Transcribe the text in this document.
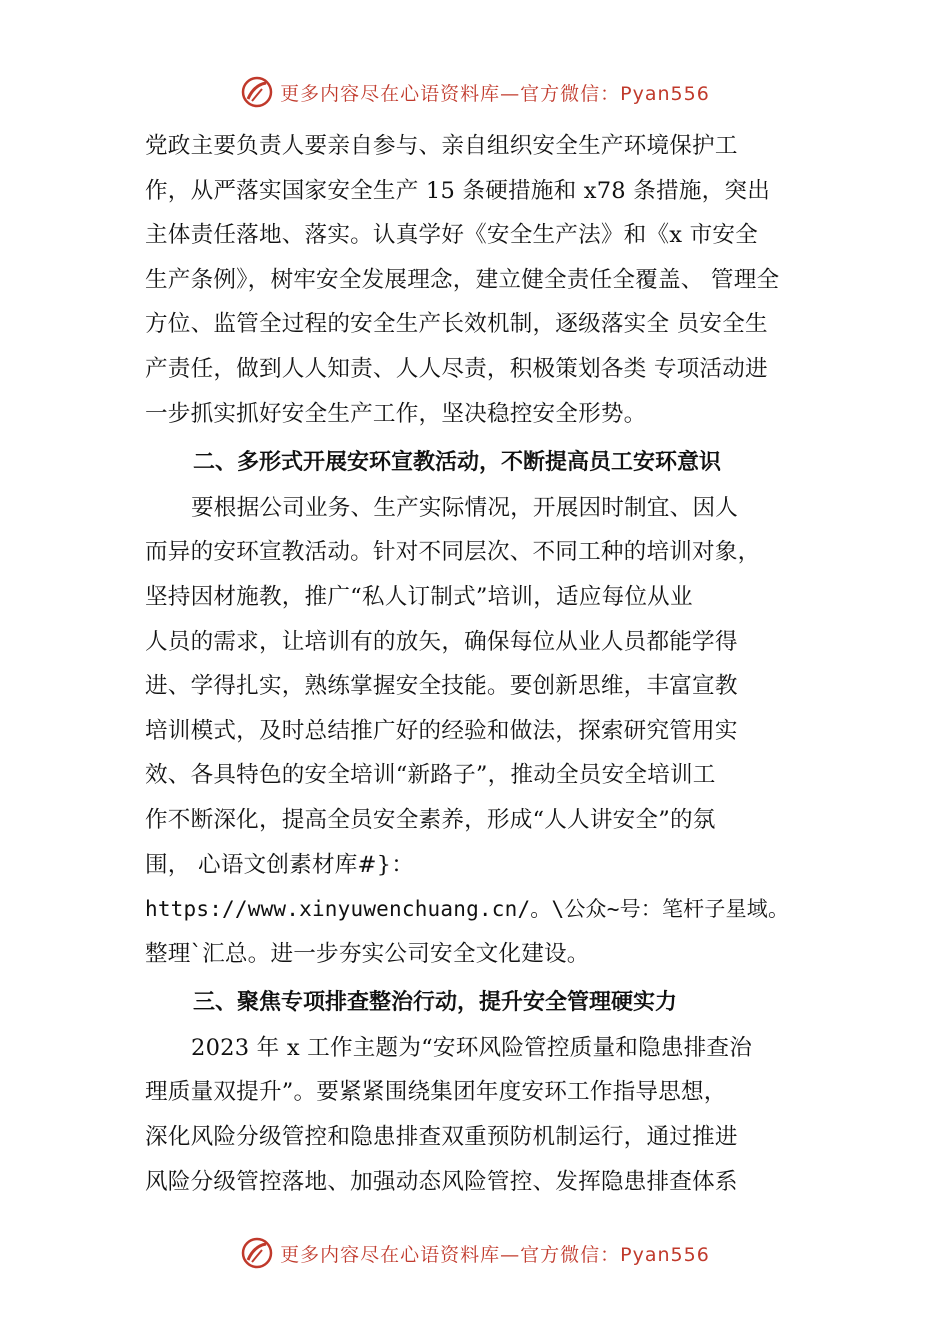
更多内容尽在心语资料库—官方微信：Pyan556
党政主要负责人要亲自参与、亲自组织安全生产环境保护工
作，从严落实国家安全生产 15 条硬措施和 x78 条措施，突出
主体责任落地、落实。认真学好《安全生产法》和《x 市安全
生产条例》，树牢安全发展理念，建立健全责任全覆盖、 管理全
方位、监管全过程的安全生产长效机制，逐级落实全 员安全生
产责任，做到人人知责、人人尽责，积极策划各类 专项活动进
一步抓实抓好安全生产工作，坚决稳控安全形势。
二、多形式开展安环宣教活动，不断提高员工安环意识
要根据公司业务、生产实际情况，开展因时制宜、因人
而异的安环宣教活动。针对不同层次、不同工种的培训对象，
坚持因材施教，推广“私人订制式”培训，适应每位从业
人员的需求，让培训有的放矢，确保每位从业人员都能学得
进、学得扎实，熟练掌握安全技能。要创新思维，丰富宣教
培训模式，及时总结推广好的经验和做法，探索研究管用实
效、各具特色的安全培训“新路子”，推动全员安全培训工
作不断深化，提高全员安全素养，形成“人人讲安全”的氛
围， 心语文创素材库#}：
https://www.xinyuwenchuang.cn/。\公众~号：笔杆子星域。
整理`汇总。进一步夯实公司安全文化建设。
三、聚焦专项排查整治行动，提升安全管理硬实力
2023 年 x 工作主题为“安环风险管控质量和隐患排查治
理质量双提升”。要紧紧围绕集团年度安环工作指导思想，
深化风险分级管控和隐患排查双重预防机制运行，通过推进
风险分级管控落地、加强动态风险管控、发挥隐患排查体系
更多内容尽在心语资料库—官方微信：Pyan556
